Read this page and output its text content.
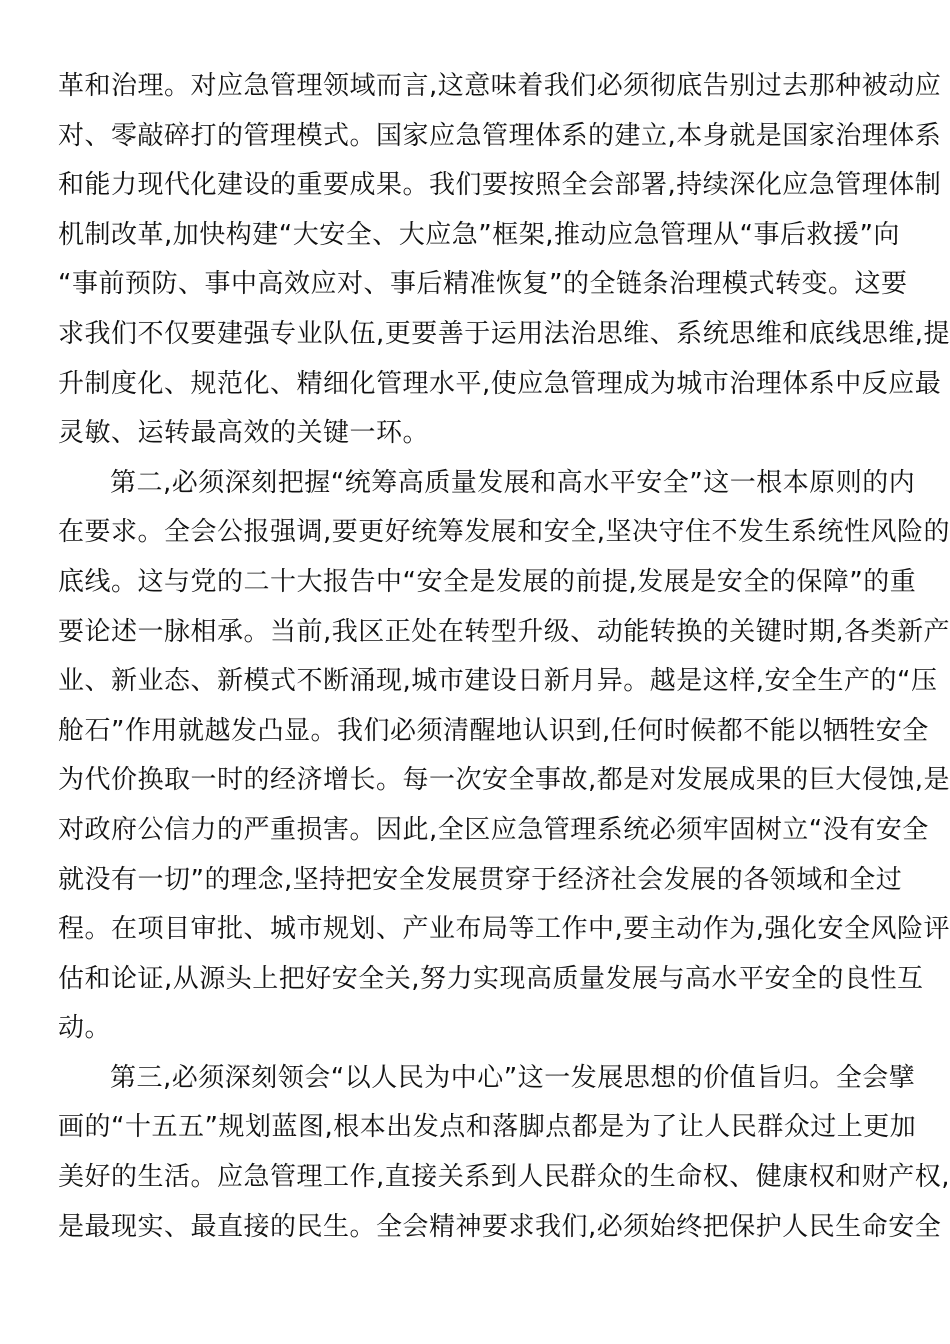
革和治理。对应急管理领域而言,这意味着我们必须彻底告别过去那种被动应
对、零敲碎打的管理模式。国家应急管理体系的建立,本身就是国家治理体系
和能力现代化建设的重要成果。我们要按照全会部署,持续深化应急管理体制
机制改革,加快构建“大安全、大应急”框架,推动应急管理从“事后救援”向
“事前预防、事中高效应对、事后精准恢复”的全链条治理模式转变。这要
求我们不仅要建强专业队伍,更要善于运用法治思维、系统思维和底线思维,提
升制度化、规范化、精细化管理水平,使应急管理成为城市治理体系中反应最
灵敏、运转最高效的关键一环。
第二,必须深刻把握“统筹高质量发展和高水平安全”这一根本原则的内
在要求。全会公报强调,要更好统筹发展和安全,坚决守住不发生系统性风险的
底线。这与党的二十大报告中“安全是发展的前提,发展是安全的保障”的重
要论述一脉相承。当前,我区正处在转型升级、动能转换的关键时期,各类新产
业、新业态、新模式不断涌现,城市建设日新月异。越是这样,安全生产的“压
舱石”作用就越发凸显。我们必须清醒地认识到,任何时候都不能以牺牲安全
为代价换取一时的经济增长。每一次安全事故,都是对发展成果的巨大侵蚀,是
对政府公信力的严重损害。因此,全区应急管理系统必须牢固树立“没有安全
就没有一切”的理念,坚持把安全发展贯穿于经济社会发展的各领域和全过
程。在项目审批、城市规划、产业布局等工作中,要主动作为,强化安全风险评
估和论证,从源头上把好安全关,努力实现高质量发展与高水平安全的良性互
动。
第三,必须深刻领会“以人民为中心”这一发展思想的价值旨归。全会擘
画的“十五五”规划蓝图,根本出发点和落脚点都是为了让人民群众过上更加
美好的生活。应急管理工作,直接关系到人民群众的生命权、健康权和财产权,
是最现实、最直接的民生。全会精神要求我们,必须始终把保护人民生命安全
